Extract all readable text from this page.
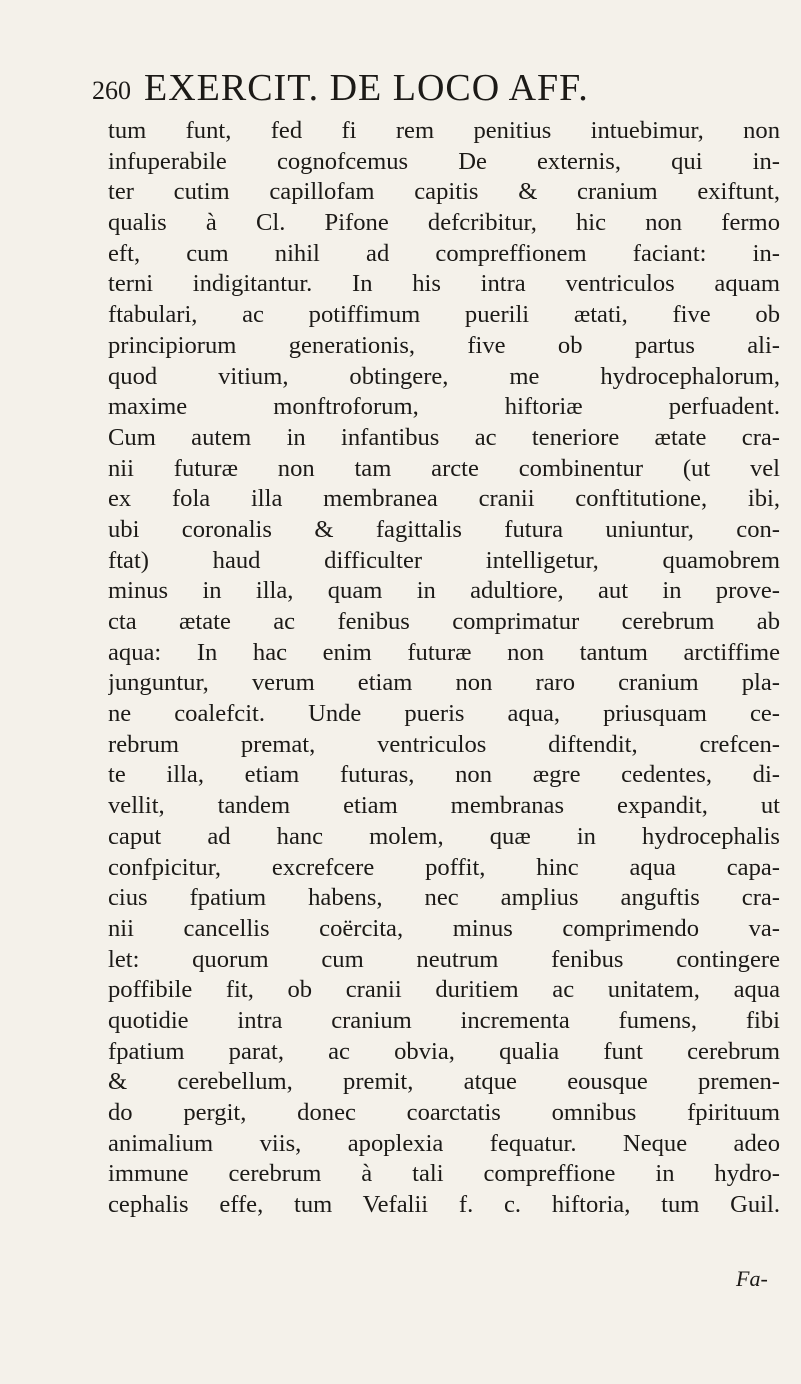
260 EXERCIT. DE LOCO AFF.
tum funt, fed fi rem penitius intuebimur, non
infuperabile cognofcemus De externis, qui in-
ter cutim capillofam capitis & cranium exiftunt,
qualis à Cl. Pifone defcribitur, hic non fermo
eft, cum nihil ad compreffionem faciant: in-
terni indigitantur. In his intra ventriculos aquam
ftabulari, ac potiffimum puerili ætati, five ob
principiorum generationis, five ob partus ali-
quod vitium, obtingere, me hydrocephalorum,
maxime monftroforum, hiftoriæ perfuadent.
Cum autem in infantibus ac teneriore ætate cra-
nii futuræ non tam arcte combinentur (ut vel
ex fola illa membranea cranii conftitutione, ibi,
ubi coronalis & fagittalis futura uniuntur, con-
ftat) haud difficulter intelligetur, quamobrem
minus in illa, quam in adultiore, aut in prove-
cta ætate ac fenibus comprimatur cerebrum ab
aqua: In hac enim futuræ non tantum arctiffime
junguntur, verum etiam non raro cranium pla-
ne coalefcit. Unde pueris aqua, priusquam ce-
rebrum premat, ventriculos diftendit, crefcen-
te illa, etiam futuras, non ægre cedentes, di-
vellit, tandem etiam membranas expandit, ut
caput ad hanc molem, quæ in hydrocephalis
confpicitur, excrefcere poffit, hinc aqua capa-
cius fpatium habens, nec amplius anguftis cra-
nii cancellis coërcita, minus comprimendo va-
let: quorum cum neutrum fenibus contingere
poffibile fit, ob cranii duritiem ac unitatem, aqua
quotidie intra cranium incrementa fumens, fibi
fpatium parat, ac obvia, qualia funt cerebrum
& cerebellum, premit, atque eousque premen-
do pergit, donec coarctatis omnibus fpirituum
animalium viis, apoplexia fequatur. Neque adeo
immune cerebrum à tali compreffione in hydro-
cephalis effe, tum Vefalii f. c. hiftoria, tum Guil.
Fa-
